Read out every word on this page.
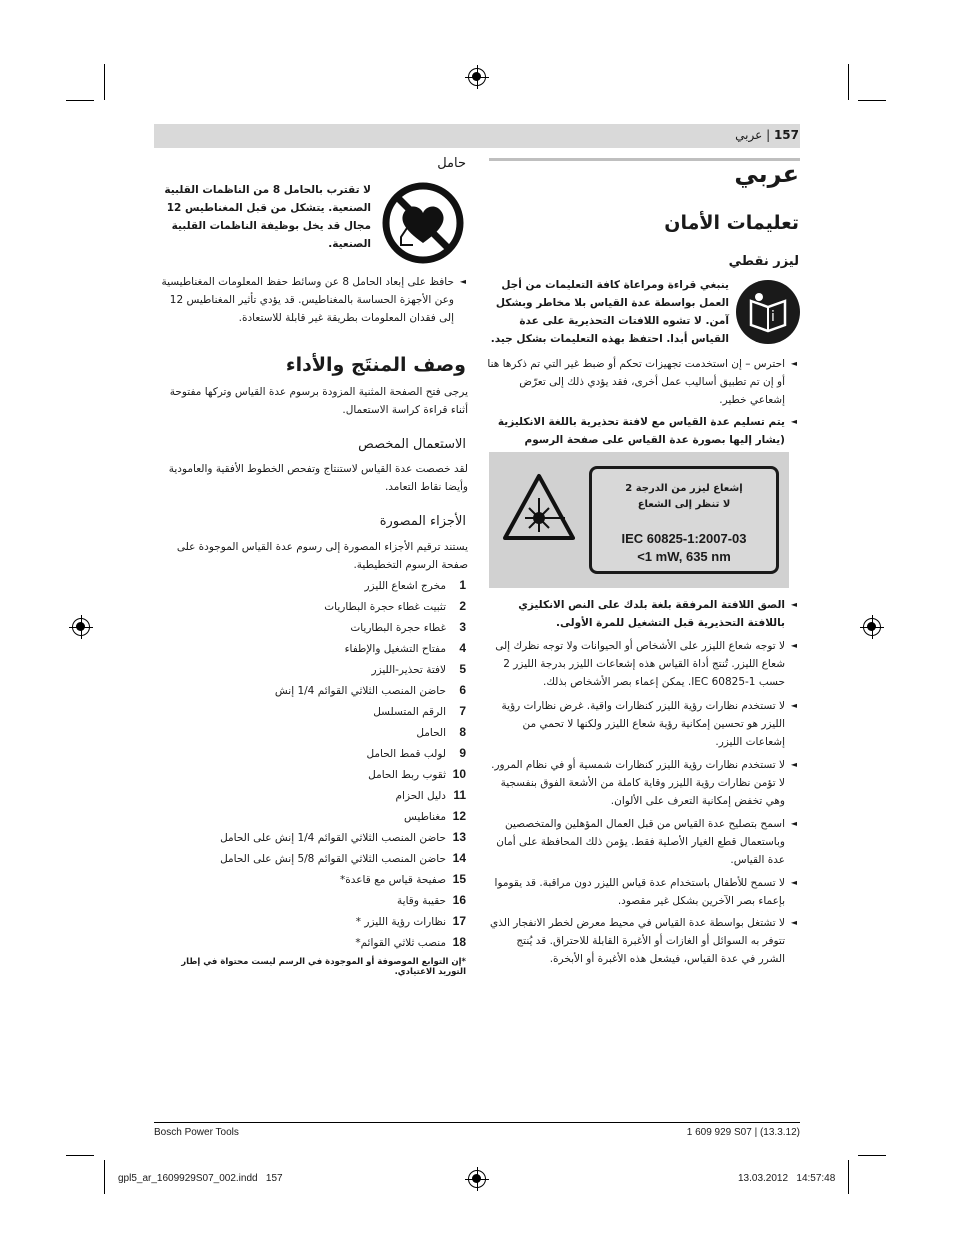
157 | عربي
عربي
تعليمات الأمان
ليزر نقطي
i
ينبغي قراءة ومراعاة كافة التعليمات من أجل العمل بواسطة عدة القياس بلا مخاطر وبشكل آمن. لا تشوه اللافتات التحذيرية على عدة القياس أبدا. احتفظ بهذه التعليمات بشكل جيد.
◄
احترس – إن استخدمت تجهيزات تحكم أو ضبط غير التي تم ذكرها هنا أو إن تم تطبيق أساليب عمل أخرى، فقد يؤدي ذلك إلى تعرّض إشعاعي خطير.
◄
يتم تسليم عدة القياس مع لافتة تحذيرية باللغة الانكليزية (يشار إليها بصورة عدة القياس على صفحة الرسوم
إشعاع ليزر من الدرجة 2
لا تنظر إلى الشعاع
IEC 60825-1:2007-03
<1 mW, 635 nm
◄
الصق اللافتة المرفقة بلغة بلدك على النص الانكليزي باللافتة التحذيرية قبل التشغيل للمرة الأولى.
◄
لا توجه شعاع الليزر على الأشخاص أو الحيوانات ولا توجه نظرك إلى شعاع الليزر. تُنتج أداة القياس هذه إشعاعات الليزر بدرجة الليزر 2 حسب IEC 60825-1. يمكن إعماء بصر الأشخاص بذلك.
◄
لا تستخدم نظارات رؤية الليزر كنظارات واقية. غرض نظارات رؤية الليزر هو تحسين إمكانية رؤية شعاع الليزر ولكنها لا تحمي من إشعاعات الليزر.
◄
لا تستخدم نظارات رؤية الليزر كنظارات شمسية أو في نظام المرور. لا تؤمن نظارات رؤية الليزر وقاية كاملة من الأشعة الفوق بنفسجية وهي تخفض إمكانية التعرف على الألوان.
◄
اسمح بتصليح عدة القياس من قبل العمال المؤهلين والمتخصصين وباستعمال قطع الغيار الأصلية فقط. يؤمن ذلك المحافظة على أمان عدة القياس.
◄
لا تسمح للأطفال باستخدام عدة قياس الليزر دون مراقبة. قد يقوموا بإعماء بصر الآخرين بشكل غير مقصود.
◄
لا تشتغل بواسطة عدة القياس في محيط معرض لخطر الانفجار الذي تتوفر به السوائل أو الغازات أو الأغبرة القابلة للاحتراق. قد يُنتج الشرر في عدة القياس، فيشعل هذه الأغبرة أو الأبخرة.
حامل
لا تقترب بالحامل 8 من الناظمات القلبية الصنعية. يتشكل من قبل المغناطيس 12 مجال قد يخل بوظيفة الناظمات القلبية الصنعية.
◄
حافظ على إبعاد الحامل 8 عن وسائط حفظ المعلومات المغناطيسية وعن الأجهزة الحساسة بالمغناطيس. قد يؤدي تأثير المغناطيس 12 إلى فقدان المعلومات بطريقة غير قابلة للاستعادة.
وصف المنتَج والأداء
يرجى فتح الصفحة المثنية المزودة برسوم عدة القياس وتركها مفتوحة أثناء قراءة كراسة الاستعمال.
الاستعمال المخصص
لقد خصصت عدة القياس لاستنتاج وتفحص الخطوط الأفقية والعامودية وأيضا نقاط التعامد.
الأجزاء المصورة
يستند ترقيم الأجزاء المصورة إلى رسوم عدة القياس الموجودة على صفحة الرسوم التخطيطية.
1مخرج اشعاع الليزر
2تثبيت غطاء حجرة البطاريات
3غطاء حجرة البطاريات
4مفتاح التشغيل والإطفاء
5لافتة تحذير-الليزر
6حاضن المنصب الثلاثي القوائم 1/4 إنش
7الرقم المتسلسل
8الحامل
9لولب قمط الحامل
10ثقوب ربط الحامل
11دليل الحزام
12مغناطيس
13حاضن المنصب الثلاثي القوائم 1/4 إنش على الحامل
14حاضن المنصب الثلاثي القوائم 5/8 إنش على الحامل
15صفيحة قياس مع قاعدة*
16حقيبة وقاية
17نظارات رؤية الليزر *
18منصب ثلاثي القوائم*
*إن التوابع الموصوفة أو الموجودة في الرسم ليست محتواة في إطار التوريد الاعتيادي.
Bosch Power Tools	1 609 929 S07 | (13.3.12)
gpl5_ar_1609929S07_002.indd   157	13.03.2012   14:57:48
